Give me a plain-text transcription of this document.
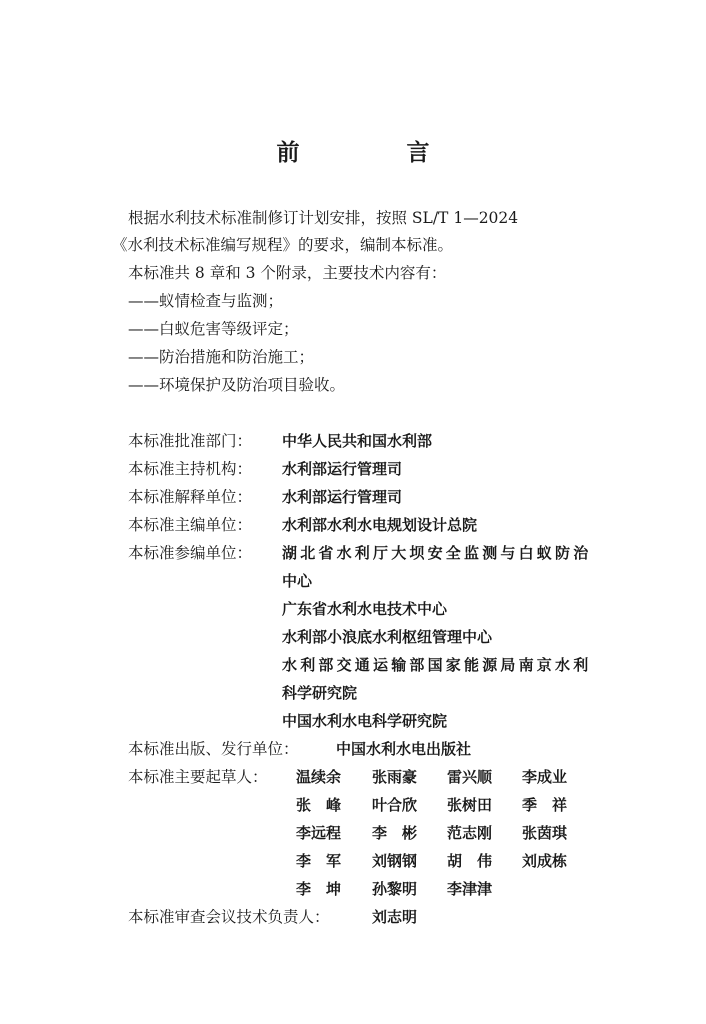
前　言
根据水利技术标准制修订计划安排，按照 SL/T 1—2024
《水利技术标准编写规程》的要求，编制本标准。
本标准共 8 章和 3 个附录，主要技术内容有：
——蚁情检查与监测；
——白蚁危害等级评定；
——防治措施和防治施工；
——环境保护及防治项目验收。
本标准批准部门： 中华人民共和国水利部
本标准主持机构： 水利部运行管理司
本标准解释单位： 水利部运行管理司
本标准主编单位： 水利部水利水电规划设计总院
本标准参编单位： 湖北省水利厅大坝安全监测与白蚁防治
中心
广东省水利水电技术中心
水利部小浪底水利枢纽管理中心
水利部交通运输部国家能源局南京水利
科学研究院
中国水利水电科学研究院
本标准出版、发行单位： 中国水利水电出版社
本标准主要起草人： 温续余 张雨豪 雷兴顺 李成业
张　峰 叶合欣 张树田 季　祥
李远程 李　彬 范志刚 张茵琪
李　军 刘钢钢 胡　伟 刘成栋
李　坤 孙黎明 李津津
本标准审查会议技术负责人：	刘志明
